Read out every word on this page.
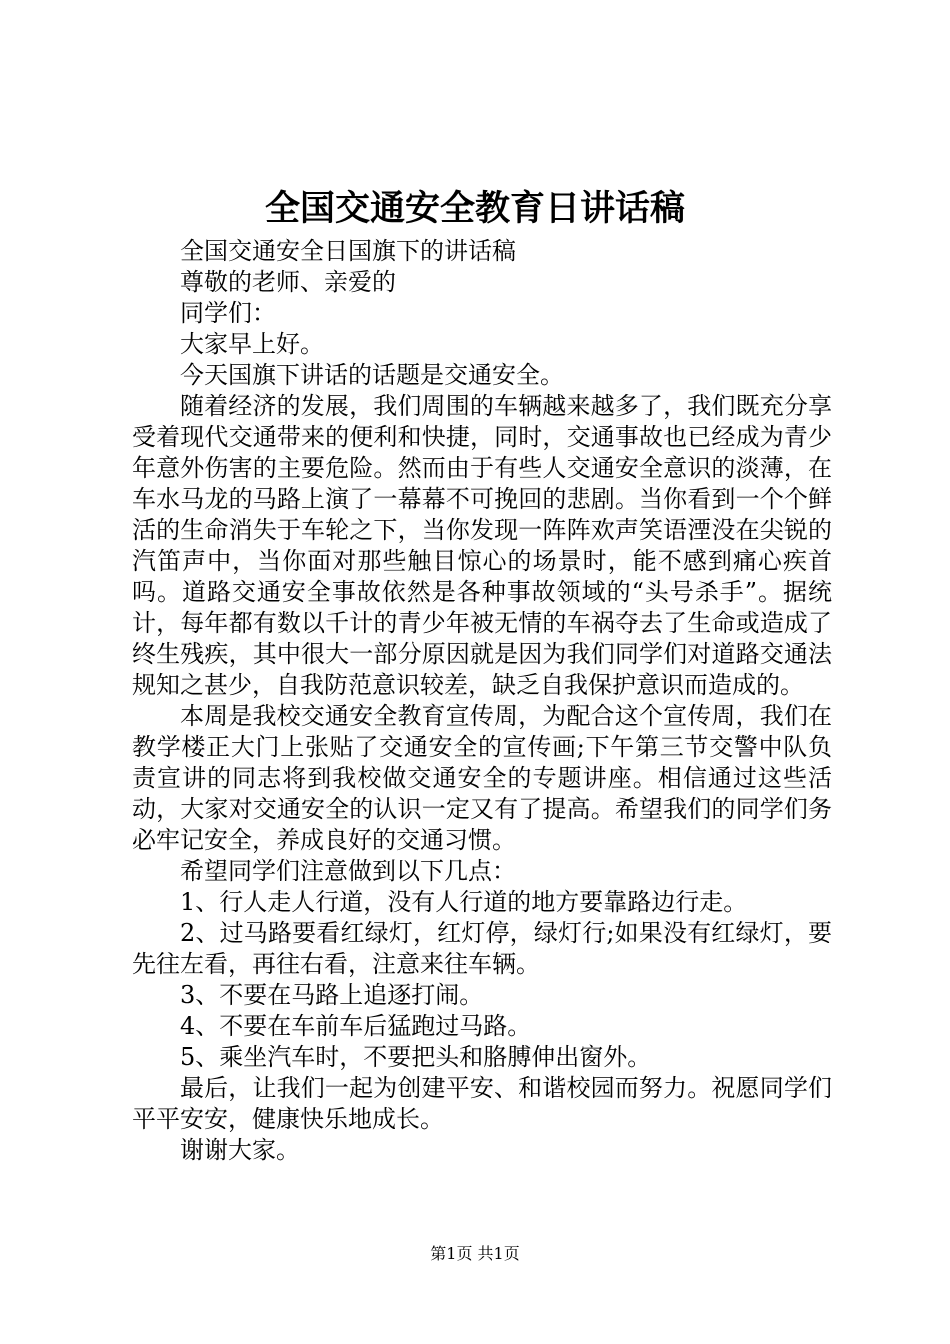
全国交通安全教育日讲话稿

全国交通安全日国旗下的讲话稿

尊敬的老师、亲爱的

同学们：

大家早上好。

今天国旗下讲话的话题是交通安全。

随着经济的发展，我们周围的车辆越来越多了，我们既充分享受着现代交通带来的便利和快捷，同时，交通事故也已经成为青少年意外伤害的主要危险。然而由于有些人交通安全意识的淡薄，在车水马龙的马路上演了一幕幕不可挽回的悲剧。当你看到一个个鲜活的生命消失于车轮之下，当你发现一阵阵欢声笑语湮没在尖锐的汽笛声中，当你面对那些触目惊心的场景时，能不感到痛心疾首吗。道路交通安全事故依然是各种事故领域的“头号杀手”。据统计，每年都有数以千计的青少年被无情的车祸夺去了生命或造成了终生残疾，其中很大一部分原因就是因为我们同学们对道路交通法规知之甚少，自我防范意识较差，缺乏自我保护意识而造成的。

本周是我校交通安全教育宣传周，为配合这个宣传周，我们在教学楼正大门上张贴了交通安全的宣传画;下午第三节交警中队负责宣讲的同志将到我校做交通安全的专题讲座。相信通过这些活动，大家对交通安全的认识一定又有了提高。希望我们的同学们务必牢记安全，养成良好的交通习惯。

希望同学们注意做到以下几点：

1、行人走人行道，没有人行道的地方要靠路边行走。

2、过马路要看红绿灯，红灯停，绿灯行;如果没有红绿灯，要先往左看，再往右看，注意来往车辆。

3、不要在马路上追逐打闹。

4、不要在车前车后猛跑过马路。

5、乘坐汽车时，不要把头和胳膊伸出窗外。

最后，让我们一起为创建平安、和谐校园而努力。祝愿同学们平平安安，健康快乐地成长。

谢谢大家。

第1页 共1页
